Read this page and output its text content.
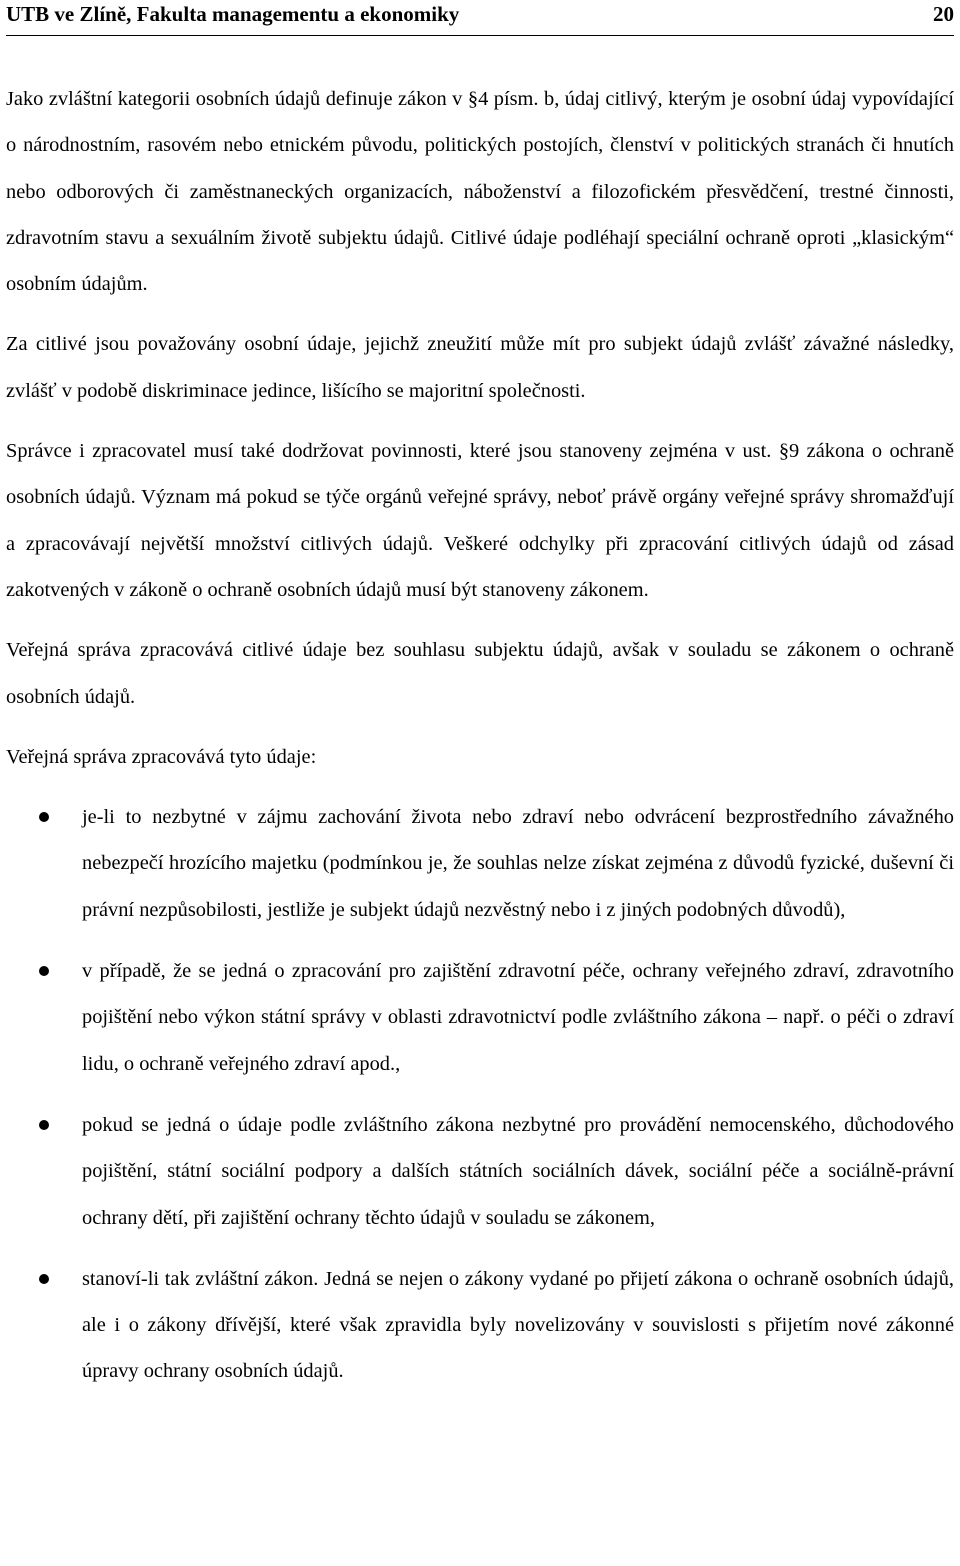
UTB ve Zlíně, Fakulta managementu a ekonomiky	20

Jako zvláštní kategorii osobních údajů definuje zákon v §4 písm. b, údaj citlivý, kterým je osobní údaj vypovídající o národnostním, rasovém nebo etnickém původu, politických postojích, členství v politických stranách či hnutích nebo odborových či zaměstnaneckých organizacích, náboženství a filozofickém přesvědčení, trestné činnosti, zdravotním stavu a sexuálním životě subjektu údajů. Citlivé údaje podléhají speciální ochraně oproti „klasickým“ osobním údajům.

Za citlivé jsou považovány osobní údaje, jejichž zneužití může mít pro subjekt údajů zvlášť závažné následky, zvlášť v podobě diskriminace jedince, lišícího se majoritní společnosti.

Správce i zpracovatel musí také dodržovat povinnosti, které jsou stanoveny zejména v ust. §9 zákona o ochraně osobních údajů. Význam má pokud se týče orgánů veřejné správy, neboť právě orgány veřejné správy shromažďují a zpracovávají největší množství citlivých údajů. Veškeré odchylky při zpracování citlivých údajů od zásad zakotvených v zákoně o ochraně osobních údajů musí být stanoveny zákonem.

Veřejná správa zpracovává citlivé údaje bez souhlasu subjektu údajů, avšak v souladu se zákonem o ochraně osobních údajů.

Veřejná správa zpracovává tyto údaje:

je-li to nezbytné v zájmu zachování života nebo zdraví nebo odvrácení bezprostředního závažného nebezpečí hrozícího majetku (podmínkou je, že souhlas nelze získat zejména z důvodů fyzické, duševní či právní nezpůsobilosti, jestliže je subjekt údajů nezvěstný nebo i z jiných podobných důvodů),
v případě, že se jedná o zpracování pro zajištění zdravotní péče, ochrany veřejného zdraví, zdravotního pojištění nebo výkon státní správy v oblasti zdravotnictví podle zvláštního zákona – např. o péči o zdraví lidu, o ochraně veřejného zdraví apod.,
pokud se jedná o údaje podle zvláštního zákona nezbytné pro provádění nemocenského, důchodového pojištění, státní sociální podpory a dalších státních sociálních dávek, sociální péče a sociálně-právní ochrany dětí, při zajištění ochrany těchto údajů v souladu se zákonem,
stanoví-li tak zvláštní zákon. Jedná se nejen o zákony vydané po přijetí zákona o ochraně osobních údajů, ale i o zákony dřívější, které však zpravidla byly novelizovány v souvislosti s přijetím nové zákonné úpravy ochrany osobních údajů.
